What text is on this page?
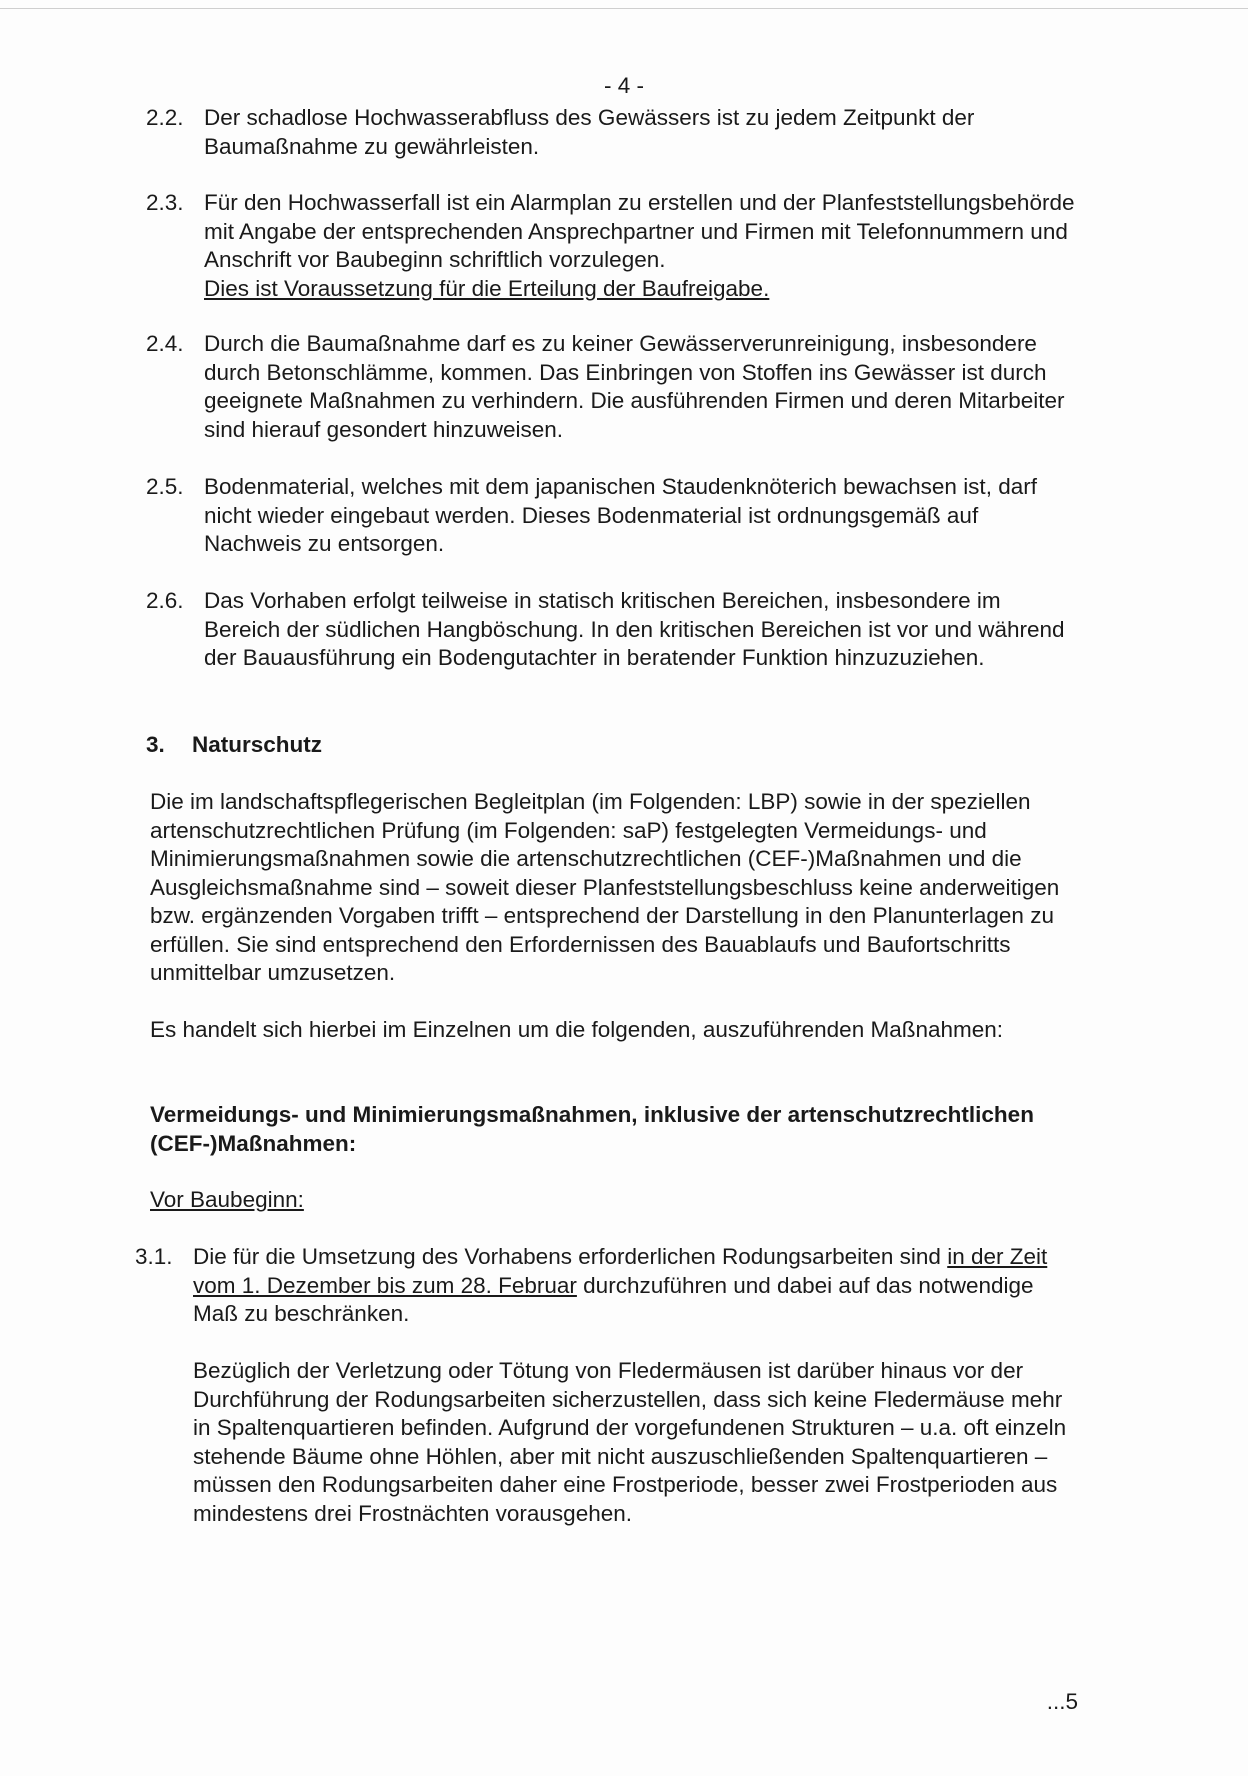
- 4 -
2.2. Der schadlose Hochwasserabfluss des Gewässers ist zu jedem Zeitpunkt der Baumaßnahme zu gewährleisten.
2.3. Für den Hochwasserfall ist ein Alarmplan zu erstellen und der Planfeststellungsbehörde mit Angabe der entsprechenden Ansprechpartner und Firmen mit Telefonnummern und Anschrift vor Baubeginn schriftlich vorzulegen.
Dies ist Voraussetzung für die Erteilung der Baufreigabe.
2.4. Durch die Baumaßnahme darf es zu keiner Gewässerverunreinigung, insbesondere durch Betonschlämme, kommen. Das Einbringen von Stoffen ins Gewässer ist durch geeignete Maßnahmen zu verhindern. Die ausführenden Firmen und deren Mitarbeiter sind hierauf gesondert hinzuweisen.
2.5. Bodenmaterial, welches mit dem japanischen Staudenknöterich bewachsen ist, darf nicht wieder eingebaut werden. Dieses Bodenmaterial ist ordnungsgemäß auf Nachweis zu entsorgen.
2.6. Das Vorhaben erfolgt teilweise in statisch kritischen Bereichen, insbesondere im Bereich der südlichen Hangböschung. In den kritischen Bereichen ist vor und während der Bauausführung ein Bodengutachter in beratender Funktion hinzuzuziehen.
3. Naturschutz
Die im landschaftspflegerischen Begleitplan (im Folgenden: LBP) sowie in der speziellen artenschutzrechtlichen Prüfung (im Folgenden: saP) festgelegten Vermeidungs- und Minimierungsmaßnahmen sowie die artenschutzrechtlichen (CEF-)Maßnahmen und die Ausgleichsmaßnahme sind – soweit dieser Planfeststellungsbeschluss keine anderweitigen bzw. ergänzenden Vorgaben trifft – entsprechend der Darstellung in den Planunterlagen zu erfüllen. Sie sind entsprechend den Erfordernissen des Bauablaufs und Baufortschritts unmittelbar umzusetzen.
Es handelt sich hierbei im Einzelnen um die folgenden, auszuführenden Maßnahmen:
Vermeidungs- und Minimierungsmaßnahmen, inklusive der artenschutzrechtlichen (CEF-)Maßnahmen:
Vor Baubeginn:
3.1. Die für die Umsetzung des Vorhabens erforderlichen Rodungsarbeiten sind in der Zeit vom 1. Dezember bis zum 28. Februar durchzuführen und dabei auf das notwendige Maß zu beschränken.
Bezüglich der Verletzung oder Tötung von Fledermäusen ist darüber hinaus vor der Durchführung der Rodungsarbeiten sicherzustellen, dass sich keine Fledermäuse mehr in Spaltenquartieren befinden. Aufgrund der vorgefundenen Strukturen – u.a. oft einzeln stehende Bäume ohne Höhlen, aber mit nicht auszuschließenden Spaltenquartieren – müssen den Rodungsarbeiten daher eine Frostperiode, besser zwei Frostperioden aus mindestens drei Frostnächten vorausgehen.
...5
